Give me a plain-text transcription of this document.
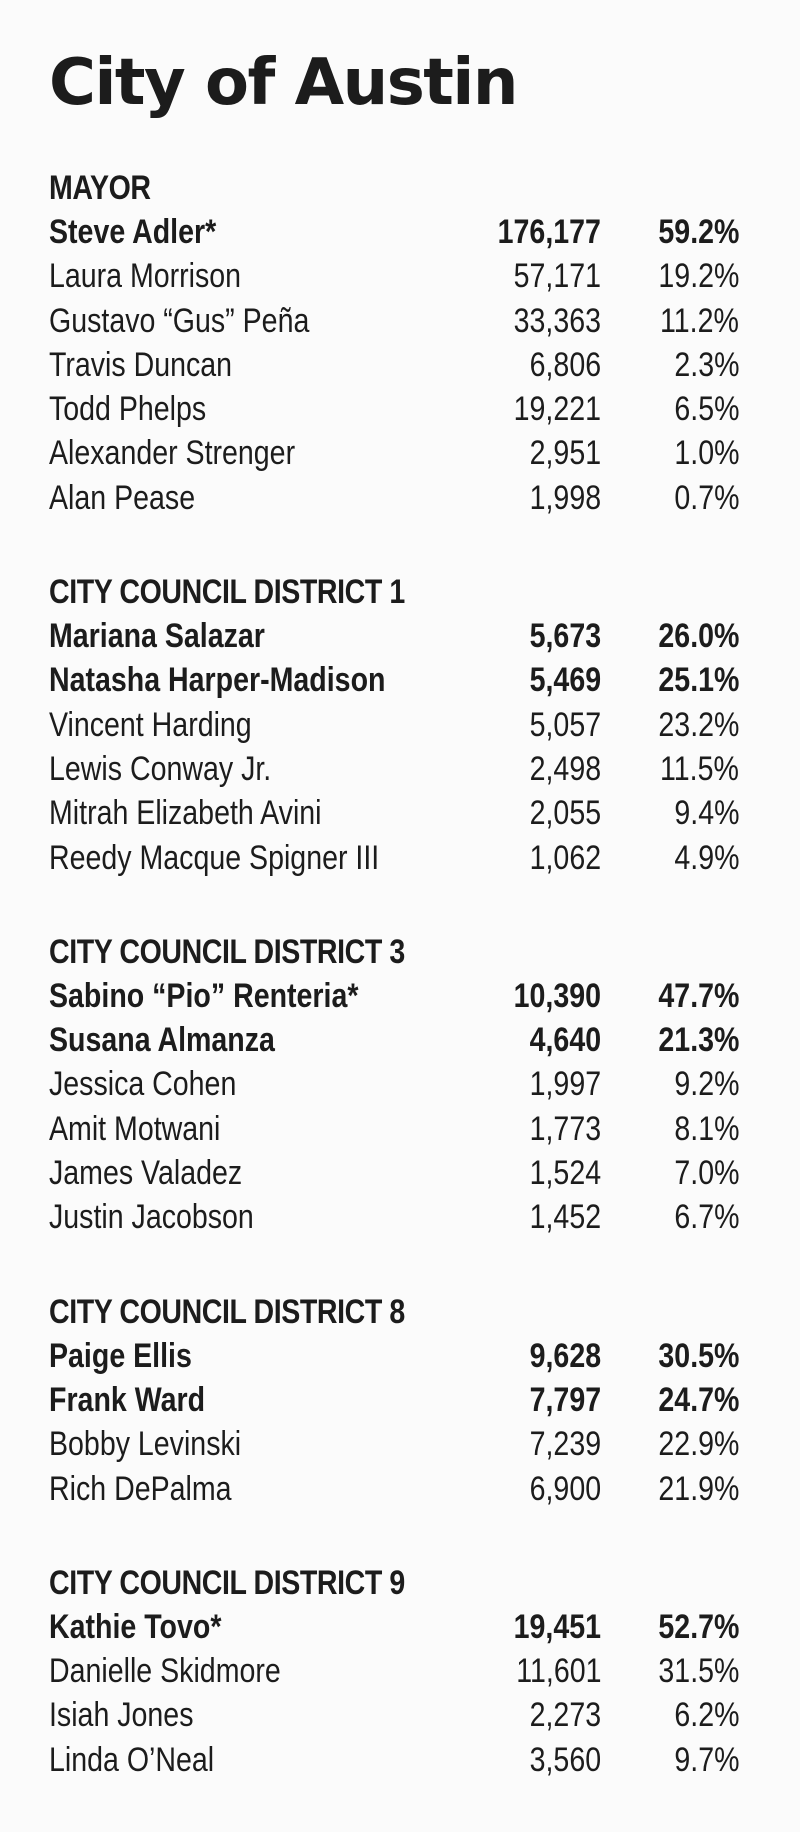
City of Austin
MAYOR
Steve Adler*	176,177 59.2%
Laura Morrison	57,171 19.2%
Gustavo “Gus” Peña	33,363 11.2%
Travis Duncan	6,806 2.3%
Todd Phelps	19,221 6.5%
Alexander Strenger	2,951 1.0%
Alan Pease	1,998 0.7%
CITY COUNCIL DISTRICT 1
Mariana Salazar	5,673 26.0%
Natasha Harper-Madison	5,469 25.1%
Vincent Harding	5,057 23.2%
Lewis Conway Jr.	2,498 11.5%
Mitrah Elizabeth Avini	2,055 9.4%
Reedy Macque Spigner III	1,062 4.9%
CITY COUNCIL DISTRICT 3
Sabino “Pio” Renteria*	10,390 47.7%
Susana Almanza	4,640 21.3%
Jessica Cohen	1,997 9.2%
Amit Motwani	1,773 8.1%
James Valadez	1,524 7.0%
Justin Jacobson	1,452 6.7%
CITY COUNCIL DISTRICT 8
Paige Ellis	9,628 30.5%
Frank Ward	7,797 24.7%
Bobby Levinski	7,239 22.9%
Rich DePalma	6,900 21.9%
CITY COUNCIL DISTRICT 9
Kathie Tovo*	19,451 52.7%
Danielle Skidmore	11,601 31.5%
Isiah Jones	2,273 6.2%
Linda O’Neal	3,560 9.7%
